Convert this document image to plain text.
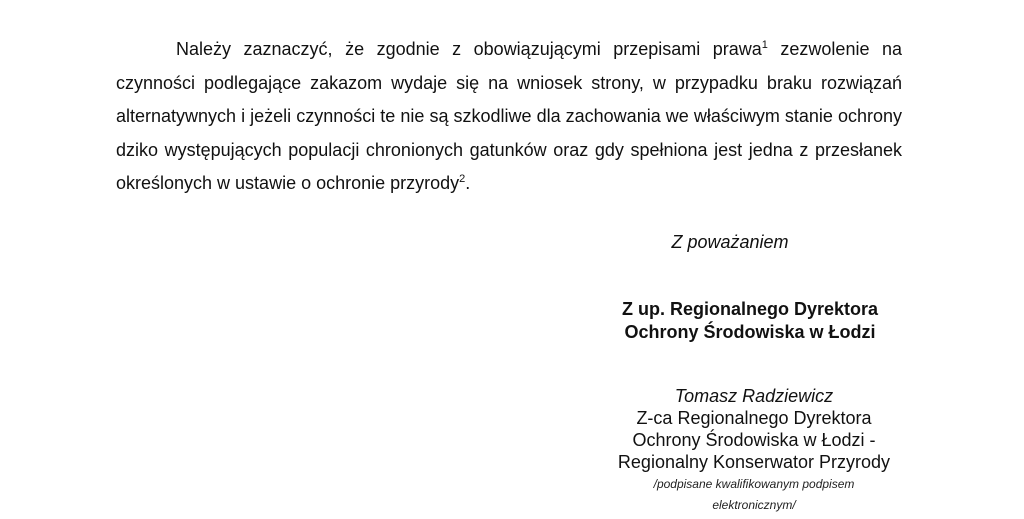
Należy zaznaczyć, że zgodnie z obowiązującymi przepisami prawa$^1$ zezwolenie na czynności podlegające zakazom wydaje się na wniosek strony, w przypadku braku rozwiązań alternatywnych i jeżeli czynności te nie są szkodliwe dla zachowania we właściwym stanie ochrony dziko występujących populacji chronionych gatunków oraz gdy spełniona jest jedna z przesłanek określonych w ustawie o ochronie przyrody$^2$.

Z poważaniem

Z up. Regionalnego Dyrektora
Ochrony Środowiska w Łodzi

Tomasz Radziewicz
Z-ca Regionalnego Dyrektora
Ochrony Środowiska w Łodzi -
Regionalny Konserwator Przyrody

/podpisane kwalifikowanym podpisem
elektronicznym/
